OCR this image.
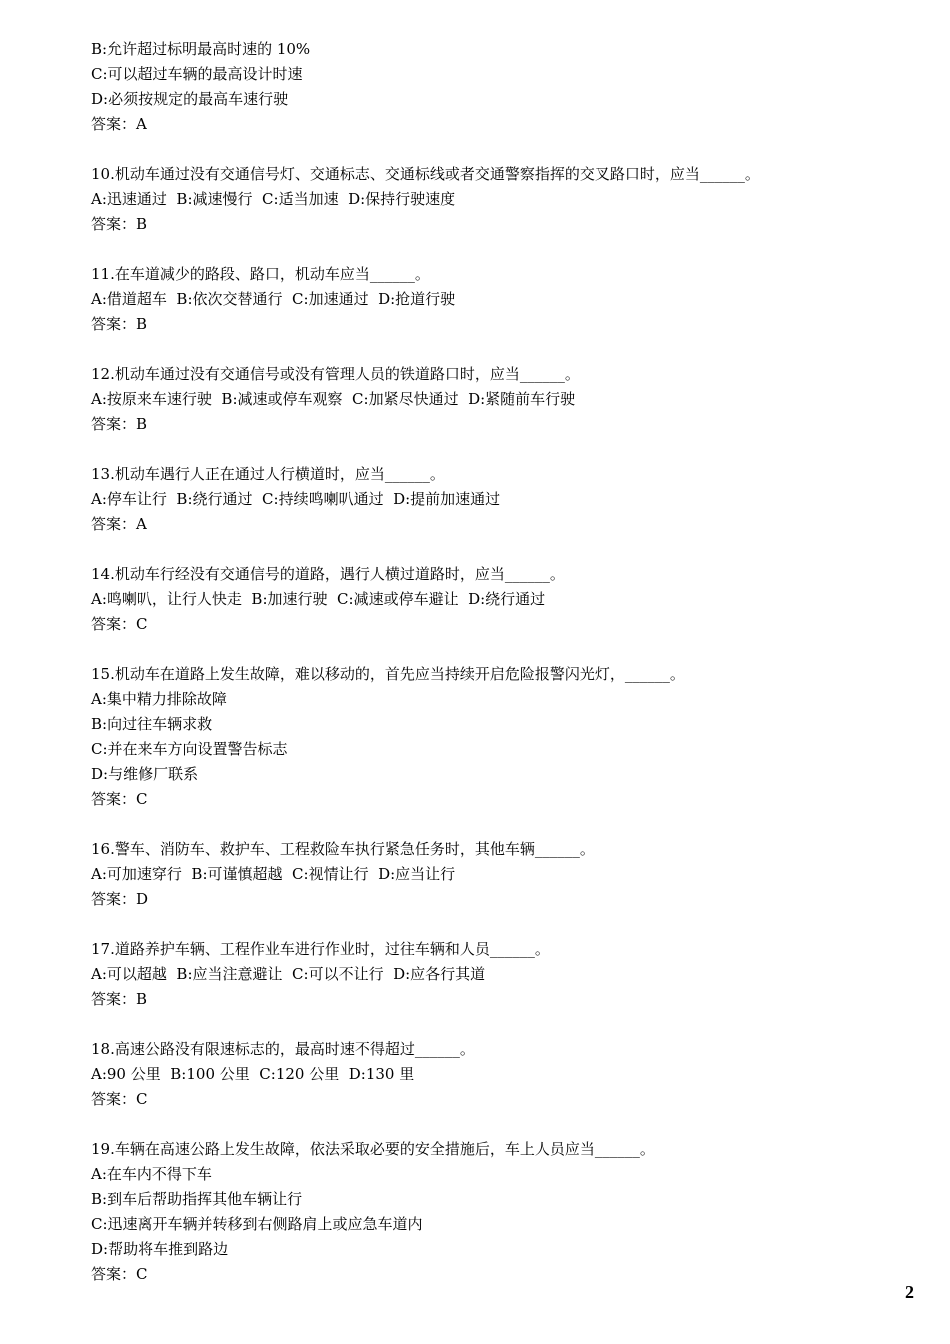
B:允许超过标明最高时速的 10%
C:可以超过车辆的最高设计时速
D:必须按规定的最高车速行驶
答案：A
10.机动车通过没有交通信号灯、交通标志、交通标线或者交通警察指挥的交叉路口时，应当______。
A:迅速通过  B:减速慢行  C:适当加速  D:保持行驶速度
答案：B
11.在车道减少的路段、路口，机动车应当______。
A:借道超车  B:依次交替通行  C:加速通过  D:抢道行驶
答案：B
12.机动车通过没有交通信号或没有管理人员的铁道路口时，应当______。
A:按原来车速行驶  B:减速或停车观察  C:加紧尽快通过  D:紧随前车行驶
答案：B
13.机动车遇行人正在通过人行横道时，应当______。
A:停车让行  B:绕行通过  C:持续鸣喇叭通过  D:提前加速通过
答案：A
14.机动车行经没有交通信号的道路，遇行人横过道路时，应当______。
A:鸣喇叭，让行人快走  B:加速行驶  C:减速或停车避让  D:绕行通过
答案：C
15.机动车在道路上发生故障，难以移动的，首先应当持续开启危险报警闪光灯，______。
A:集中精力排除故障
B:向过往车辆求救
C:并在来车方向设置警告标志
D:与维修厂联系
答案：C
16.警车、消防车、救护车、工程救险车执行紧急任务时，其他车辆______。
A:可加速穿行  B:可谨慎超越  C:视情让行  D:应当让行
答案：D
17.道路养护车辆、工程作业车进行作业时，过往车辆和人员______。
A:可以超越  B:应当注意避让  C:可以不让行  D:应各行其道
答案：B
18.高速公路没有限速标志的，最高时速不得超过______。
A:90 公里  B:100 公里  C:120 公里  D:130 里
答案：C
19.车辆在高速公路上发生故障，依法采取必要的安全措施后，车上人员应当______。
A:在车内不得下车
B:到车后帮助指挥其他车辆让行
C:迅速离开车辆并转移到右侧路肩上或应急车道内
D:帮助将车推到路边
答案：C
2
